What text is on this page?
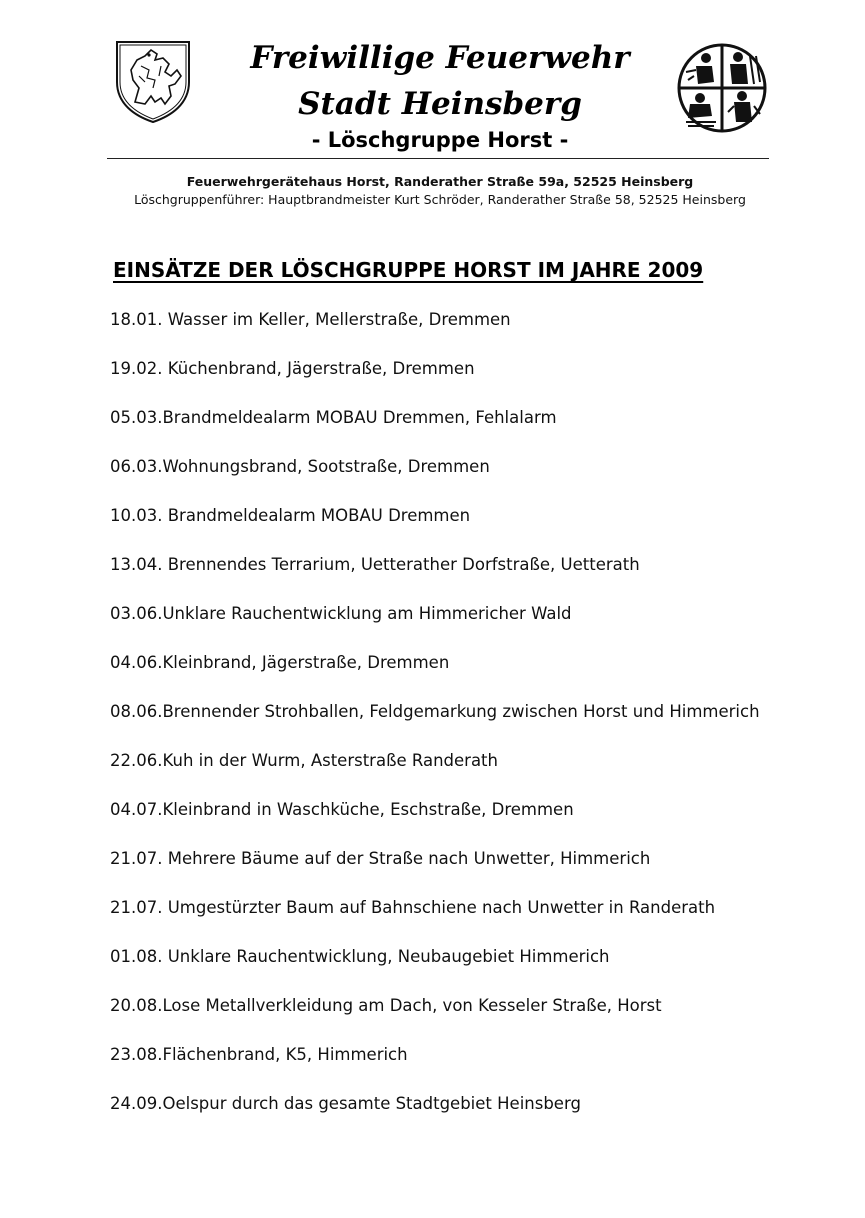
Freiwillige Feuerwehr
Stadt Heinsberg
- Löschgruppe Horst -
Feuerwehrgerätehaus Horst, Randerather Straße 59a, 52525 Heinsberg
Löschgruppenführer: Hauptbrandmeister Kurt Schröder, Randerather Straße 58, 52525 Heinsberg
EINSÄTZE DER LÖSCHGRUPPE HORST IM JAHRE 2009
18.01. Wasser im Keller, Mellerstraße, Dremmen
19.02. Küchenbrand, Jägerstraße, Dremmen
05.03.Brandmeldealarm MOBAU Dremmen, Fehlalarm
06.03.Wohnungsbrand, Sootstraße, Dremmen
10.03. Brandmeldealarm MOBAU Dremmen
13.04. Brennendes Terrarium, Uetterather Dorfstraße, Uetterath
03.06.Unklare Rauchentwicklung am Himmericher Wald
04.06.Kleinbrand, Jägerstraße, Dremmen
08.06.Brennender Strohballen, Feldgemarkung zwischen Horst und Himmerich
22.06.Kuh in der Wurm, Asterstraße Randerath
04.07.Kleinbrand in Waschküche, Eschstraße, Dremmen
21.07. Mehrere Bäume auf der Straße nach Unwetter, Himmerich
21.07. Umgestürzter Baum auf Bahnschiene nach Unwetter in Randerath
01.08. Unklare Rauchentwicklung, Neubaugebiet Himmerich
20.08.Lose Metallverkleidung am Dach, von Kesseler Straße, Horst
23.08.Flächenbrand, K5, Himmerich
24.09.Oelspur durch das gesamte Stadtgebiet Heinsberg
